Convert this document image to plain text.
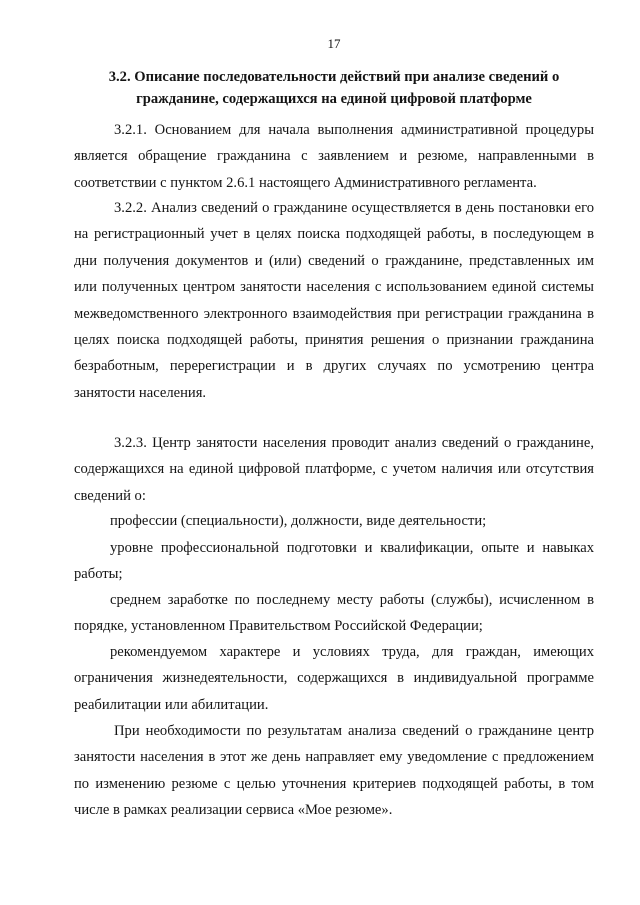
17
3.2. Описание последовательности действий при анализе сведений о
гражданине, содержащихся на единой цифровой платформе
3.2.1. Основанием для начала выполнения административной процедуры является обращение гражданина с заявлением и резюме, направленными в соответствии с пунктом 2.6.1 настоящего Административного регламента.
3.2.2. Анализ сведений о гражданине осуществляется в день постановки его на регистрационный учет в целях поиска подходящей работы, в последующем в дни получения документов и (или) сведений о гражданине, представленных им или полученных центром занятости населения с использованием единой системы межведомственного электронного взаимодействия при регистрации гражданина в целях поиска подходящей работы, принятия решения о признании гражданина безработным, перерегистрации и в других случаях по усмотрению центра занятости населения.
3.2.3. Центр занятости населения проводит анализ сведений о гражданине, содержащихся на единой цифровой платформе, с учетом наличия или отсутствия сведений о:
профессии (специальности), должности, виде деятельности;
уровне профессиональной подготовки и квалификации, опыте и навыках работы;
среднем заработке по последнему месту работы (службы), исчисленном в порядке, установленном Правительством Российской Федерации;
рекомендуемом характере и условиях труда, для граждан, имеющих ограничения жизнедеятельности, содержащихся в индивидуальной программе реабилитации или абилитации.
При необходимости по результатам анализа сведений о гражданине центр занятости населения в этот же день направляет ему уведомление с предложением по изменению резюме с целью уточнения критериев подходящей работы, в том числе в рамках реализации сервиса «Мое резюме».
